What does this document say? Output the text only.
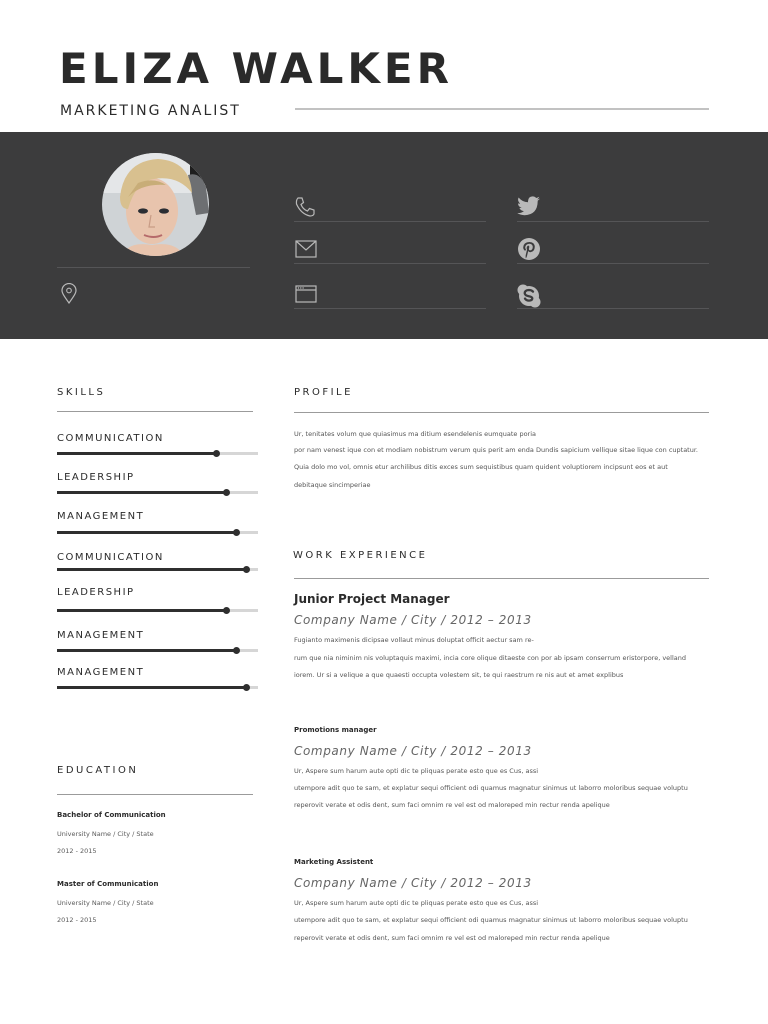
ELIZA WALKER
MARKETING ANALIST
SKILLS
COMMUNICATION
LEADERSHIP
MANAGEMENT
COMMUNICATION
LEADERSHIP
MANAGEMENT
MANAGEMENT
EDUCATION
Bachelor of Communication
University Name / City / State
2012 - 2015
Master of Communication
University Name / City / State
2012 - 2015
PROFILE
Ur, tenitates volum que quiasimus ma ditium esendelenis eumquate poria
por nam venest ique con et modiam nobistrum verum quis perit am enda Dundis sapicium vellique sitae lique con cuptatur.
Quia dolo mo vol, omnis etur archilibus ditis exces sum sequistibus quam quident voluptiorem incipsunt eos et aut
debitaque sincimperiae
WORK EXPERIENCE
Junior Project Manager
Company Name / City / 2012 – 2013
Fugianto maximenis dicipsae vollaut minus doluptat officit aectur sam re-
rum que nia niminim nis voluptaquis maximi, incia core olique ditaeste con por ab ipsam conserrum eristorpore, velland
iorem. Ur si a velique a que quaesti occupta volestem sit, te qui raestrum re nis aut et amet explibus
Promotions manager
Company Name / City / 2012 – 2013
Ur, Aspere sum harum aute opti dic te pliquas perate esto que es Cus, assi
utempore adit quo te sam, et explatur sequi officient odi quamus magnatur sinimus ut laborro moloribus sequae voluptu
reperovit verate et odis dent, sum faci omnim re vel est od maloreped min rectur renda apelique
Marketing Assistent
Company Name / City / 2012 – 2013
Ur, Aspere sum harum aute opti dic te pliquas perate esto que es Cus, assi
utempore adit quo te sam, et explatur sequi officient odi quamus magnatur sinimus ut laborro moloribus sequae voluptu
reperovit verate et odis dent, sum faci omnim re vel est od maloreped min rectur renda apelique
